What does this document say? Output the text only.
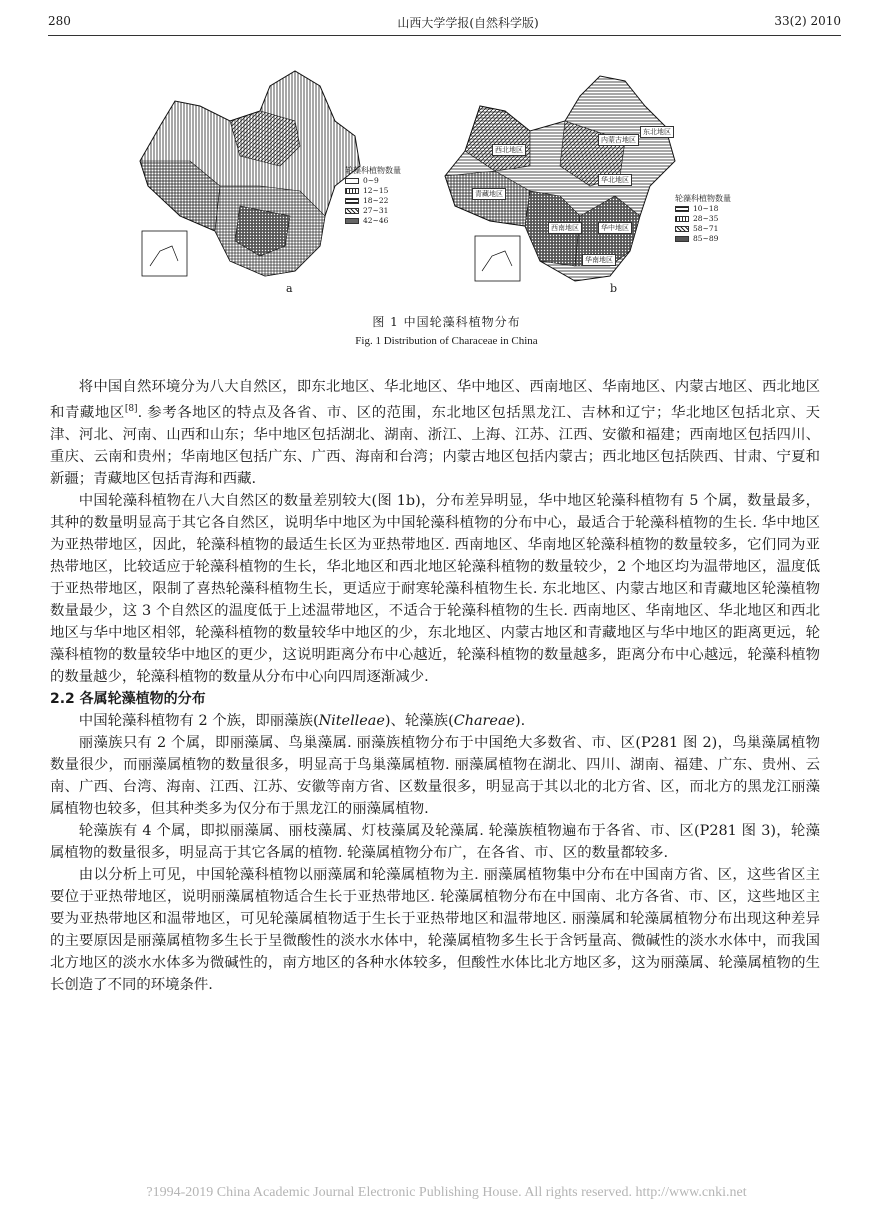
280	山西大学学报(自然科学版)	33(2) 2010
轮藻科植物数量
0~9
12~15
18~22
27~31
42~46
轮藻科植物数量
10~18
28~35
58~71
85~89
东北地区
内蒙古地区
西北地区
华北地区
青藏地区
西南地区	华中地区
华南地区
a	b
图 1 中国轮藻科植物分布
Fig. 1 Distribution of Characeae in China

将中国自然环境分为八大自然区，即东北地区、华北地区、华中地区、西南地区、华南地区、内蒙古地区、西北地区和青藏地区[8]. 参考各地区的特点及各省、市、区的范围，东北地区包括黑龙江、吉林和辽宁；华北地区包括北京、天津、河北、河南、山西和山东；华中地区包括湖北、湖南、浙江、上海、江苏、江西、安徽和福建；西南地区包括四川、重庆、云南和贵州；华南地区包括广东、广西、海南和台湾；内蒙古地区包括内蒙古；西北地区包括陕西、甘肃、宁夏和新疆；青藏地区包括青海和西藏.

中国轮藻科植物在八大自然区的数量差别较大(图 1b)，分布差异明显，华中地区轮藻科植物有 5 个属，数量最多，其种的数量明显高于其它各自然区，说明华中地区为中国轮藻科植物的分布中心，最适合于轮藻科植物的生长. 华中地区为亚热带地区，因此，轮藻科植物的最适生长区为亚热带地区. 西南地区、华南地区轮藻科植物的数量较多，它们同为亚热带地区，比较适应于轮藻科植物的生长，华北地区和西北地区轮藻科植物的数量较少，2 个地区均为温带地区，温度低于亚热带地区，限制了喜热轮藻科植物生长，更适应于耐寒轮藻科植物生长. 东北地区、内蒙古地区和青藏地区轮藻植物数量最少，这 3 个自然区的温度低于上述温带地区，不适合于轮藻科植物的生长. 西南地区、华南地区、华北地区和西北地区与华中地区相邻，轮藻科植物的数量较华中地区的少，东北地区、内蒙古地区和青藏地区与华中地区的距离更远，轮藻科植物的数量较华中地区的更少，这说明距离分布中心越近，轮藻科植物的数量越多，距离分布中心越远，轮藻科植物的数量越少，轮藻科植物的数量从分布中心向四周逐渐减少.

2.2 各属轮藻植物的分布

中国轮藻科植物有 2 个族，即丽藻族(Nitelleae)、轮藻族(Chareae).

丽藻族只有 2 个属，即丽藻属、鸟巢藻属. 丽藻族植物分布于中国绝大多数省、市、区(P281 图 2)，鸟巢藻属植物数量很少，而丽藻属植物的数量很多，明显高于鸟巢藻属植物. 丽藻属植物在湖北、四川、湖南、福建、广东、贵州、云南、广西、台湾、海南、江西、江苏、安徽等南方省、区数量很多，明显高于其以北的北方省、区，而北方的黑龙江丽藻属植物也较多，但其种类多为仅分布于黑龙江的丽藻属植物.

轮藻族有 4 个属，即拟丽藻属、丽枝藻属、灯枝藻属及轮藻属. 轮藻族植物遍布于各省、市、区(P281 图 3)，轮藻属植物的数量很多，明显高于其它各属的植物. 轮藻属植物分布广，在各省、市、区的数量都较多.

由以分析上可见，中国轮藻科植物以丽藻属和轮藻属植物为主. 丽藻属植物集中分布在中国南方省、区，这些省区主要位于亚热带地区，说明丽藻属植物适合生长于亚热带地区. 轮藻属植物分布在中国南、北方各省、市、区，这些地区主要为亚热带地区和温带地区，可见轮藻属植物适于生长于亚热带地区和温带地区. 丽藻属和轮藻属植物分布出现这种差异的主要原因是丽藻属植物多生长于呈微酸性的淡水水体中，轮藻属植物多生长于含钙量高、微碱性的淡水水体中，而我国北方地区的淡水水体多为微碱性的，南方地区的各种水体较多，但酸性水体比北方地区多，这为丽藻属、轮藻属植物的生长创造了不同的环境条件.

?1994-2019 China Academic Journal Electronic Publishing House. All rights reserved. http://www.cnki.net
